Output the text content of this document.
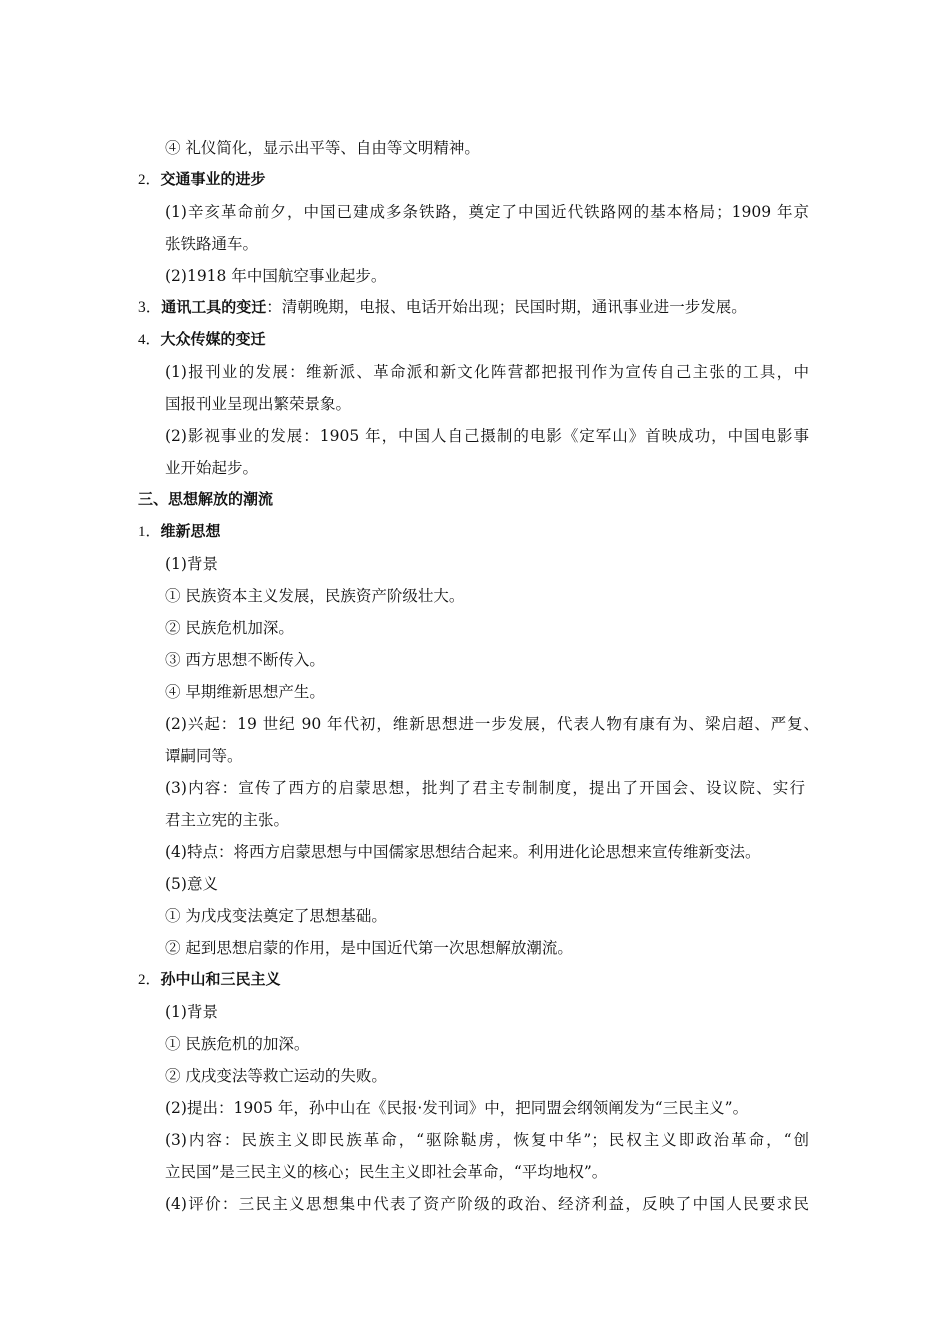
④ 礼仪简化，显示出平等、自由等文明精神。
2．交通事业的进步
(1)辛亥革命前夕，中国已建成多条铁路，奠定了中国近代铁路网的基本格局；1909 年京
张铁路通车。
(2)1918 年中国航空事业起步。
3．通讯工具的变迁：清朝晚期，电报、电话开始出现；民国时期，通讯事业进一步发展。
4．大众传媒的变迁
(1)报刊业的发展：维新派、革命派和新文化阵营都把报刊作为宣传自己主张的工具，中
国报刊业呈现出繁荣景象。
(2)影视事业的发展：1905 年，中国人自己摄制的电影《定军山》首映成功，中国电影事
业开始起步。
三、思想解放的潮流
1．维新思想
(1)背景
① 民族资本主义发展，民族资产阶级壮大。
② 民族危机加深。
③ 西方思想不断传入。
④ 早期维新思想产生。
(2)兴起：19 世纪 90 年代初，维新思想进一步发展，代表人物有康有为、梁启超、严复、
谭嗣同等。
(3)内容：宣传了西方的启蒙思想，批判了君主专制制度，提出了开国会、设议院、实行
君主立宪的主张。
(4)特点：将西方启蒙思想与中国儒家思想结合起来。利用进化论思想来宣传维新变法。
(5)意义
① 为戊戌变法奠定了思想基础。
② 起到思想启蒙的作用，是中国近代第一次思想解放潮流。
2．孙中山和三民主义
(1)背景
① 民族危机的加深。
② 戊戌变法等救亡运动的失败。
(2)提出：1905 年，孙中山在《民报·发刊词》中，把同盟会纲领阐发为“三民主义”。
(3)内容：民族主义即民族革命，“驱除鞑虏，恢复中华”；民权主义即政治革命，“创
立民国”是三民主义的核心；民生主义即社会革命，“平均地权”。
(4)评价：三民主义思想集中代表了资产阶级的政治、经济利益，反映了中国人民要求民
